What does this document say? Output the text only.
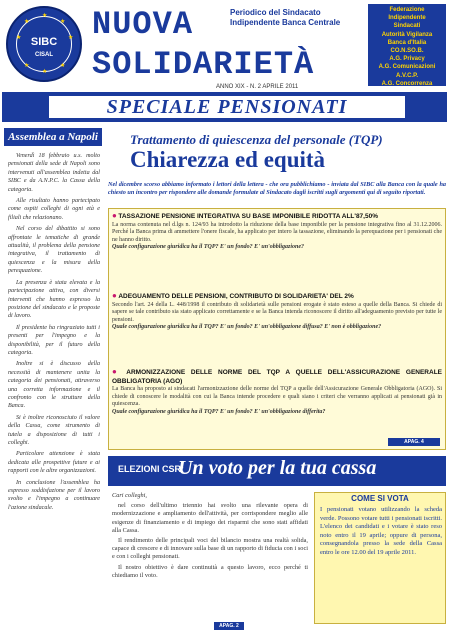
★
★	★
★	★
★	★
★
SIBC
CISAL
NUOVA
SOLIDARIETÀ
Periodico del Sindacato Indipendente Banca Centrale
ANNO XIX - N. 2 APRILE 2011
Federazione
Indipendente
Sindacati
Autorità Vigilanza
Banca d'Italia
CO.N.SO.B.
A.G. Privacy
A.G. Comunicazioni
A.V.C.P.
A.G. Concorrenza
SPECIALE PENSIONATI
Assemblea a Napoli

Venerdì 18 febbraio u.s. molto pensionati della sede di Napoli sono intervenuti all'assemblea indetta dal SIBC e da A.N.P.C. la Cassa della categoria.

Alle risultato hanno partecipato come ospiti colleghi di ogni età e filiali che relazionano.

Nel corso del dibattito si sono affrontate le tematiche di grande attualità, il problema della pensione integrativa, il trattamento di quiescenza e la misura della perequazione.

La presenza è stata elevata e la partecipazione attiva, con diversi interventi che hanno espresso la posizione del sindacato e le proposte di lavoro.

Il presidente ha ringraziato tutti i presenti per l'impegno e la disponibilità, per il futuro della categoria.

Inoltre si è discusso della necessità di mantenere unita la categoria dei pensionati, attraverso una corretta informazione e il confronto con le strutture della Banca.

Si è inoltre riconosciuto il valore della Cassa, come strumento di tutela a disposizione di tutti i colleghi.

Particolare attenzione è stata dedicata alle prospettive future e ai rapporti con le altre organizzazioni.

In conclusione l'assemblea ha espresso soddisfazione per il lavoro svolto e l'impegno a continuare l'azione sindacale.

Trattamento di quiescenza del personale (TQP)
Chiarezza ed equità
Nel dicembre scorso abbiamo informato i lettori della lettera - che ora pubblichiamo - inviata dal SIBC alla Banca con la quale ha chiesto un incontro per rispondere alle domande formulate al Sindacato dagli iscritti sugli argomenti qui di seguito riportati.
● TASSAZIONE PENSIONE INTEGRATIVA SU BASE IMPONIBILE RIDOTTA ALL'87,50%
La norma contenuta nel d.lgs n. 124/93 ha introdotto la riduzione della base imponibile per la pensione integrativa fino al 31.12.2006. Perché la Banca prima di ammettere l'onere fiscale, ha applicato per intero la tassazione, eliminando la perequazione per i pensionati che ne hanno diritto.
Quale configurazione giuridica ha il TQP? E' un fondo? E' un'obbligazione?
● ADEGUAMENTO DELLE PENSIONI, CONTRIBUTO DI SOLIDARIETA' DEL 2%
Secondo l'art. 24 della L. 448/1998 il contributo di solidarietà sulle pensioni erogate è stato esteso a quelle della Banca. Si chiede di sapere se tale contributo sia stato applicato correttamente e se la Banca intenda riconoscere il diritto all'adeguamento previsto per tutte le pensioni.
Quale configurazione giuridica ha il TQP? E' un fondo? E' un'obbligazione diffusa? E' non è obbligazione?
● ARMONIZZAZIONE DELLE NORME DEL TQP A QUELLE DELL'ASSICURAZIONE GENERALE OBBLIGATORIA (AGO)
La Banca ha proposto ai sindacati l'armonizzazione delle norme del TQP a quelle dell'Assicurazione Generale Obbligatoria (AGO). Si chiede di conoscere le modalità con cui la Banca intende procedere e quali siano i criteri che verranno applicati ai pensionati già in quiescenza.
Quale configurazione giuridica ha il TQP? E' un fondo? E' un'obbligazione differita?
APAG. 4
ELEZIONI CSR:
Un voto per la tua cassa

Cari colleghi,

nel corso dell'ultimo triennio hai svolto una rilevante opera di modernizzazione e ampliamento dell'attività, per corrispondere meglio alle esigenze di finanziamento e di impiego dei risparmi che sono stati affidati alla Cassa.

Il rendimento delle principali voci del bilancio mostra una realtà solida, capace di crescere e di innovare sulla base di un rapporto di fiducia con i soci e con i colleghi pensionati.

Il nostro obiettivo è dare continuità a questo lavoro, ecco perché ti chiediamo il voto.

COME SI VOTA
I pensionati votano utilizzando la scheda verde. Possono votare tutti i pensionati iscritti. L'elenco dei candidati e i votare è stato reso noto entro il 19 aprile; oppure di persona, consegnandola presso la sede della Cassa entro le ore 12.00 del 19 aprile 2011.
APAG. 2
